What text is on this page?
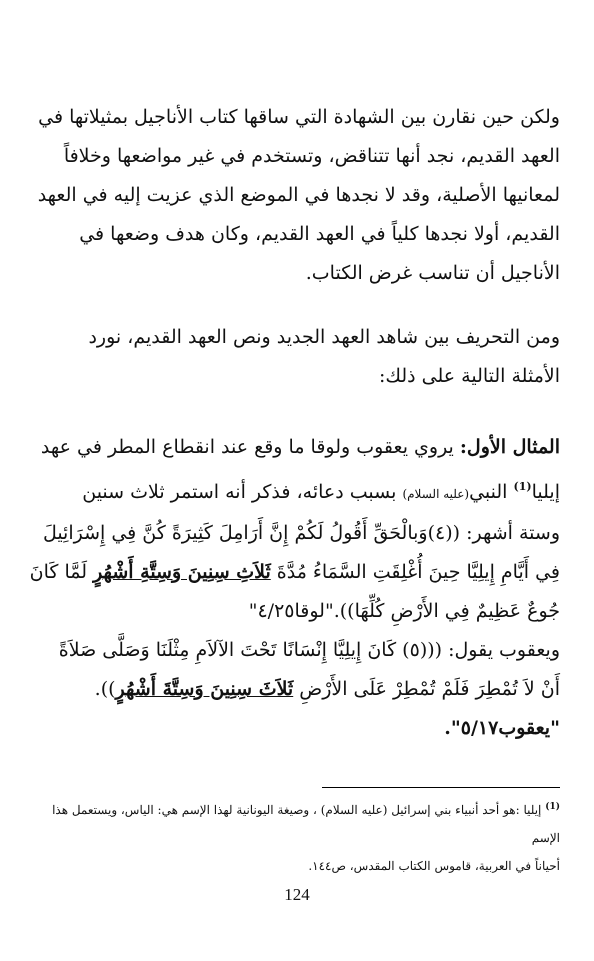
ولكن حين نقارن بين الشهادة التي ساقها كتاب الأناجيل بمثيلاتها في
العهد القديم، نجد أنها تتناقض، وتستخدم في غير مواضعها وخلافاً
لمعانيها الأصلية، وقد لا نجدها في الموضع الذي عزيت إليه في العهد
القديم، أولا نجدها كلياً في العهد القديم، وكان هدف وضعها في
الأناجيل أن تناسب غرض الكتاب.
ومن التحريف بين شاهد العهد الجديد ونص العهد القديم، نورد
الأمثلة التالية على ذلك:
المثال الأول: يروي يعقوب ولوقا ما وقع عند انقطاع المطر في عهد
إيليا$^{(1)}$ النبي(عليه السلام) بسبب دعائه، فذكر أنه استمر ثلاث سنين
وستة أشهر: ((٤)وَبالْحَقِّ أَقُولُ لَكُمْ إِنَّ أَرَامِلَ كَثِيرَةً كُنَّ فِي إِسْرَائِيلَ
فِي أَيَّامِ إِيلِيَّا حِينَ أُغْلِقَتِ السَّمَاءُ مُدَّةَ ثَلاَثِ سِنِينَ وَسِتَّةِ أَشْهُرٍ لَمَّا كَانَ
جُوعٌ عَظِيمٌ فِي الأَرْضِ كُلِّهَا))."لوقا٤/٢٥"
ويعقوب يقول: (((٥) كَانَ إِيلِيَّا إِنْسَانًا تَحْتَ الآلاَمِ مِثْلَنَا وَصَلَّى صَلاَةً
أَنْ لاَ تُمْطِرَ فَلَمْ تُمْطِرْ عَلَى الأَرْضِ ثَلاَثَ سِنِينَ وَسِتَّةَ أَشْهُرٍ)).
"يعقوب٥/١٧".
$^{(1)}$ إيليا :هو أحد أنبياء بني إسرائيل (عليه السلام) ، وصيغة اليونانية لهذا الإسم هي: الياس، ويستعمل هذا الإسم
أحياناً في العربية، قاموس الكتاب المقدس، ص١٤٤.
124
